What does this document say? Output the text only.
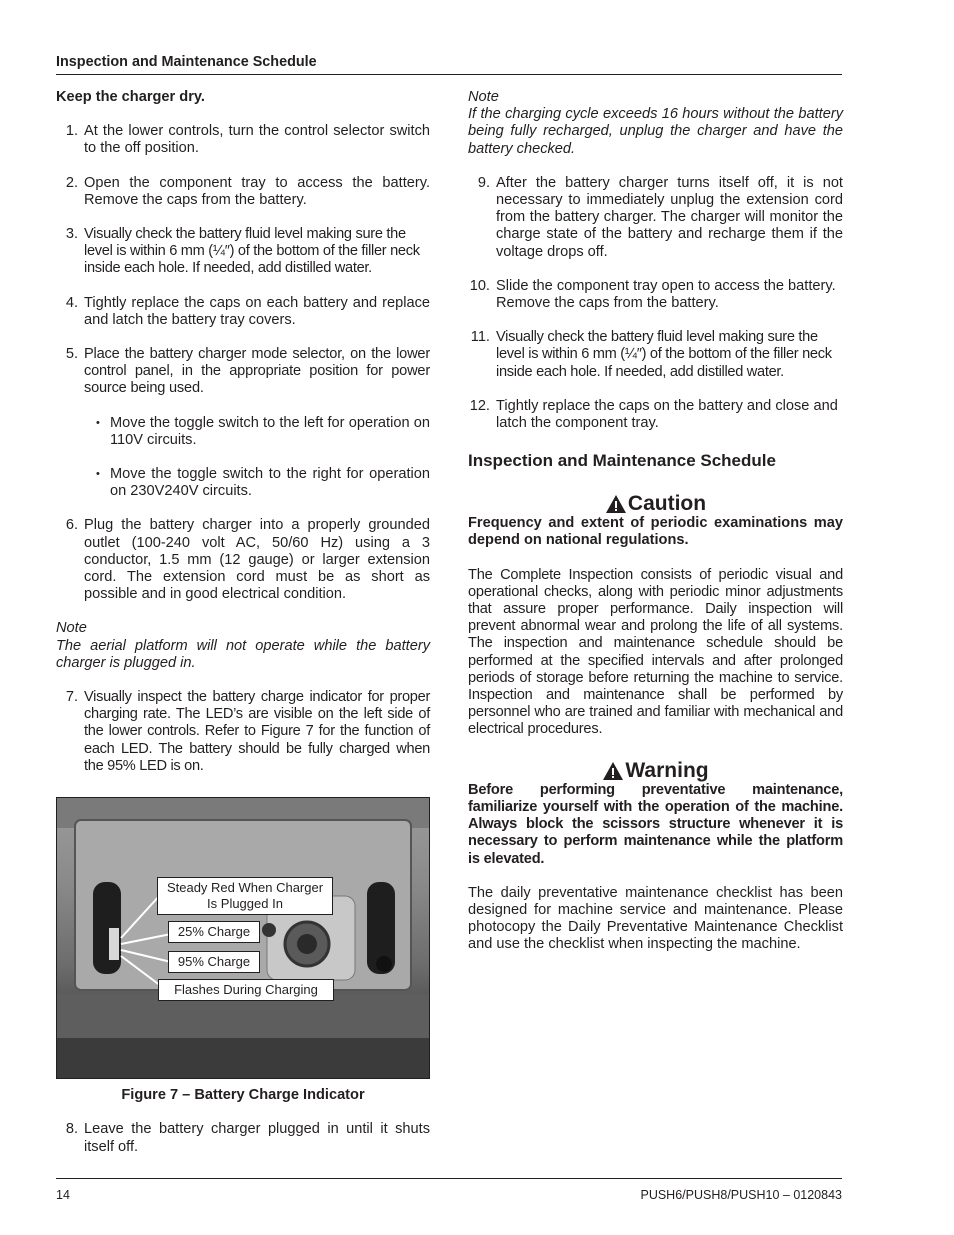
Inspection and Maintenance Schedule

Keep the charger dry.

1. At the lower controls, turn the control selector switch to the off position.
2. Open the component tray to access the battery. Remove the caps from the battery.
3. Visually check the battery fluid level making sure the level is within 6 mm (¼″) of the bottom of the filler neck inside each hole. If needed, add distilled water.
4. Tightly replace the caps on each battery and replace and latch the battery tray covers.
5. Place the battery charger mode selector, on the lower control panel, in the appropriate position for power source being used.
• Move the toggle switch to the left for operation on 110V circuits.
• Move the toggle switch to the right for operation on 230V240V circuits.
6. Plug the battery charger into a properly grounded outlet (100-240 volt AC, 50/60 Hz) using a 3 conductor, 1.5 mm (12 gauge) or larger extension cord. The extension cord must be as short as possible and in good electrical condition.

Note

The aerial platform will not operate while the battery charger is plugged in.

7. Visually inspect the battery charge indicator for proper charging rate. The LED’s are visible on the left side of the lower controls. Refer to Figure 7 for the function of each LED. The battery should be fully charged when the 95% LED is on.
Steady Red When Charger Is Plugged In
25% Charge
95% Charge
Flashes During Charging

Figure 7 – Battery Charge Indicator

8. Leave the battery charger plugged in until it shuts itself off.

Note

If the charging cycle exceeds 16 hours without the battery being fully recharged, unplug the charger and have the battery checked.

9. After the battery charger turns itself off, it is not necessary to immediately unplug the extension cord from the battery charger. The charger will monitor the charge state of the battery and recharge them if the voltage drops off.
10. Slide the component tray open to access the battery. Remove the caps from the battery.
11. Visually check the battery fluid level making sure the level is within 6 mm (¼″) of the bottom of the filler neck inside each hole. If needed, add distilled water.
12. Tightly replace the caps on the battery and close and latch the component tray.

Inspection and Maintenance Schedule

Caution

Frequency and extent of periodic examinations may depend on national regulations.

The Complete Inspection consists of periodic visual and operational checks, along with periodic minor adjustments that assure proper performance. Daily inspection will prevent abnormal wear and prolong the life of all systems. The inspection and maintenance schedule should be performed at the specified intervals and after prolonged periods of storage before returning the machine to service. Inspection and maintenance shall be performed by personnel who are trained and familiar with mechanical and electrical procedures.

Warning

Before performing preventative maintenance, familiarize yourself with the operation of the machine. Always block the scissors structure whenever it is necessary to perform maintenance while the platform is elevated.

The daily preventative maintenance checklist has been designed for machine service and maintenance. Please photocopy the Daily Preventative Maintenance Checklist and use the checklist when inspecting the machine.

14	PUSH6/PUSH8/PUSH10 – 0120843
